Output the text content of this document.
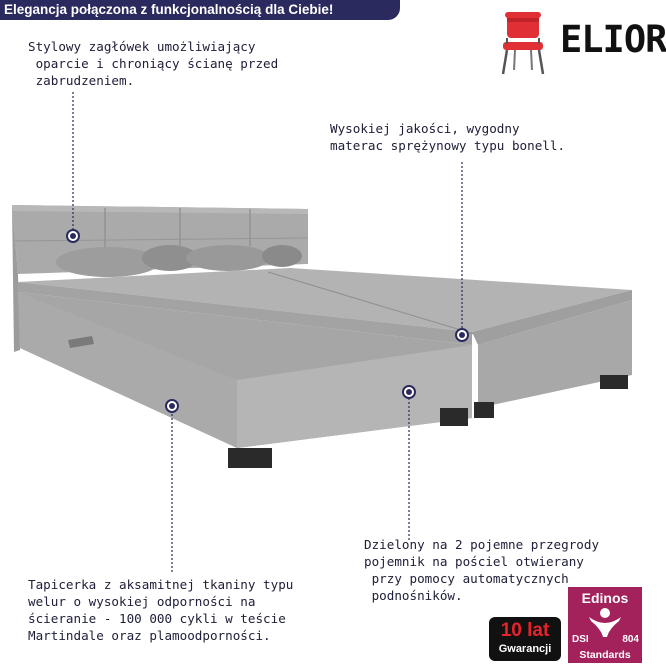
Elegancja połączona z funkcjonalnością dla Ciebie!
Stylowy zagłówek umożliwiający
oparcie i chroniący ścianę przed
zabrudzeniem.
Wysokiej jakości, wygodny
materac sprężynowy typu bonell.
Dzielony na 2 pojemne przegrody
pojemnik na pościel otwierany
przy pomocy automatycznych
podnośników.
Tapicerka z aksamitnej tkaniny typu
welur o wysokiej odporności na
ścieranie - 100 000 cykli w teście
Martindale oraz plamoodporności.
ELIOR
10 lat
Gwarancji
Edinos
DSI	804
Standards
